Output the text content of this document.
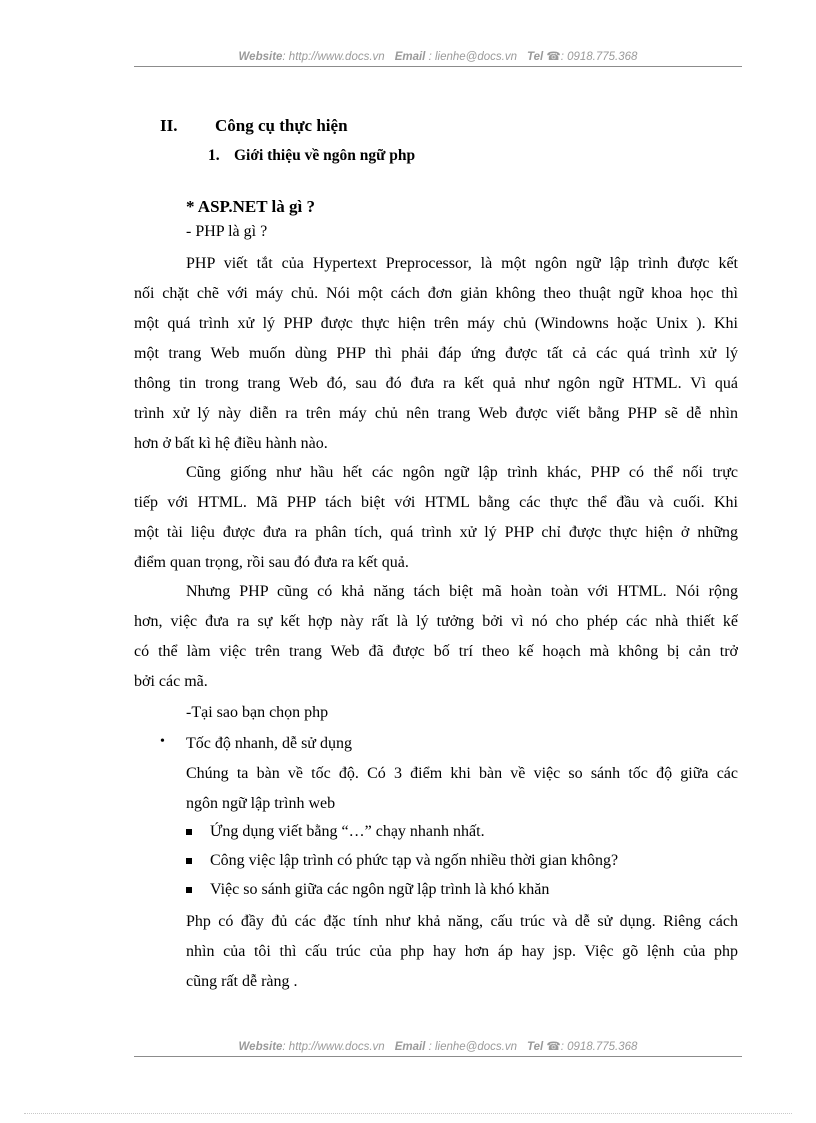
Website: http://www.docs.vn Email : lienhe@docs.vn Tel ☎: 0918.775.368
II. Công cụ thực hiện
1. Giới thiệu về ngôn ngữ php
* ASP.NET là gì ?
- PHP là gì ?
PHP viết tắt của Hypertext Preprocessor, là một ngôn ngữ lập trình được kết
nối chặt chẽ với máy chủ. Nói một cách đơn giản không theo thuật ngữ khoa học thì
một quá trình xử lý PHP được thực hiện trên máy chủ (Windowns hoặc Unix ). Khi
một trang Web muốn dùng PHP thì phải đáp ứng được tất cả các quá trình xử lý
thông tin trong trang Web đó, sau đó đưa ra kết quả như ngôn ngữ HTML. Vì quá
trình xử lý này diễn ra trên máy chủ nên trang Web được viết bằng PHP sẽ dễ nhìn
hơn ở bất kì hệ điều hành nào.
Cũng giống như hầu hết các ngôn ngữ lập trình khác, PHP có thể nối trực
tiếp với HTML. Mã PHP tách biệt với HTML bằng các thực thể đầu và cuối. Khi
một tài liệu được đưa ra phân tích, quá trình xử lý PHP chỉ được thực hiện ở những
điểm quan trọng, rồi sau đó đưa ra kết quả.
Nhưng PHP cũng có khả năng tách biệt mã hoàn toàn với HTML. Nói rộng
hơn, việc đưa ra sự kết hợp này rất là lý tưởng bởi vì nó cho phép các nhà thiết kế
có thể làm việc trên trang Web đã được bố trí theo kế hoạch mà không bị cản trở
bởi các mã.
-Tại sao bạn chọn php
• Tốc độ nhanh, dễ sử dụng
Chúng ta bàn về tốc độ. Có 3 điểm khi bàn về việc so sánh tốc độ giữa các
ngôn ngữ lập trình web
Ứng dụng viết bằng “…” chạy nhanh nhất.
Công việc lập trình có phức tạp và ngốn nhiều thời gian không?
Việc so sánh giữa các ngôn ngữ lập trình là khó khăn
Php có đầy đủ các đặc tính như khả năng, cấu trúc và dễ sử dụng. Riêng cách
nhìn của tôi thì cấu trúc của php hay hơn áp hay jsp. Việc gõ lệnh của php
cũng rất dễ ràng .
Website: http://www.docs.vn Email : lienhe@docs.vn Tel ☎: 0918.775.368
